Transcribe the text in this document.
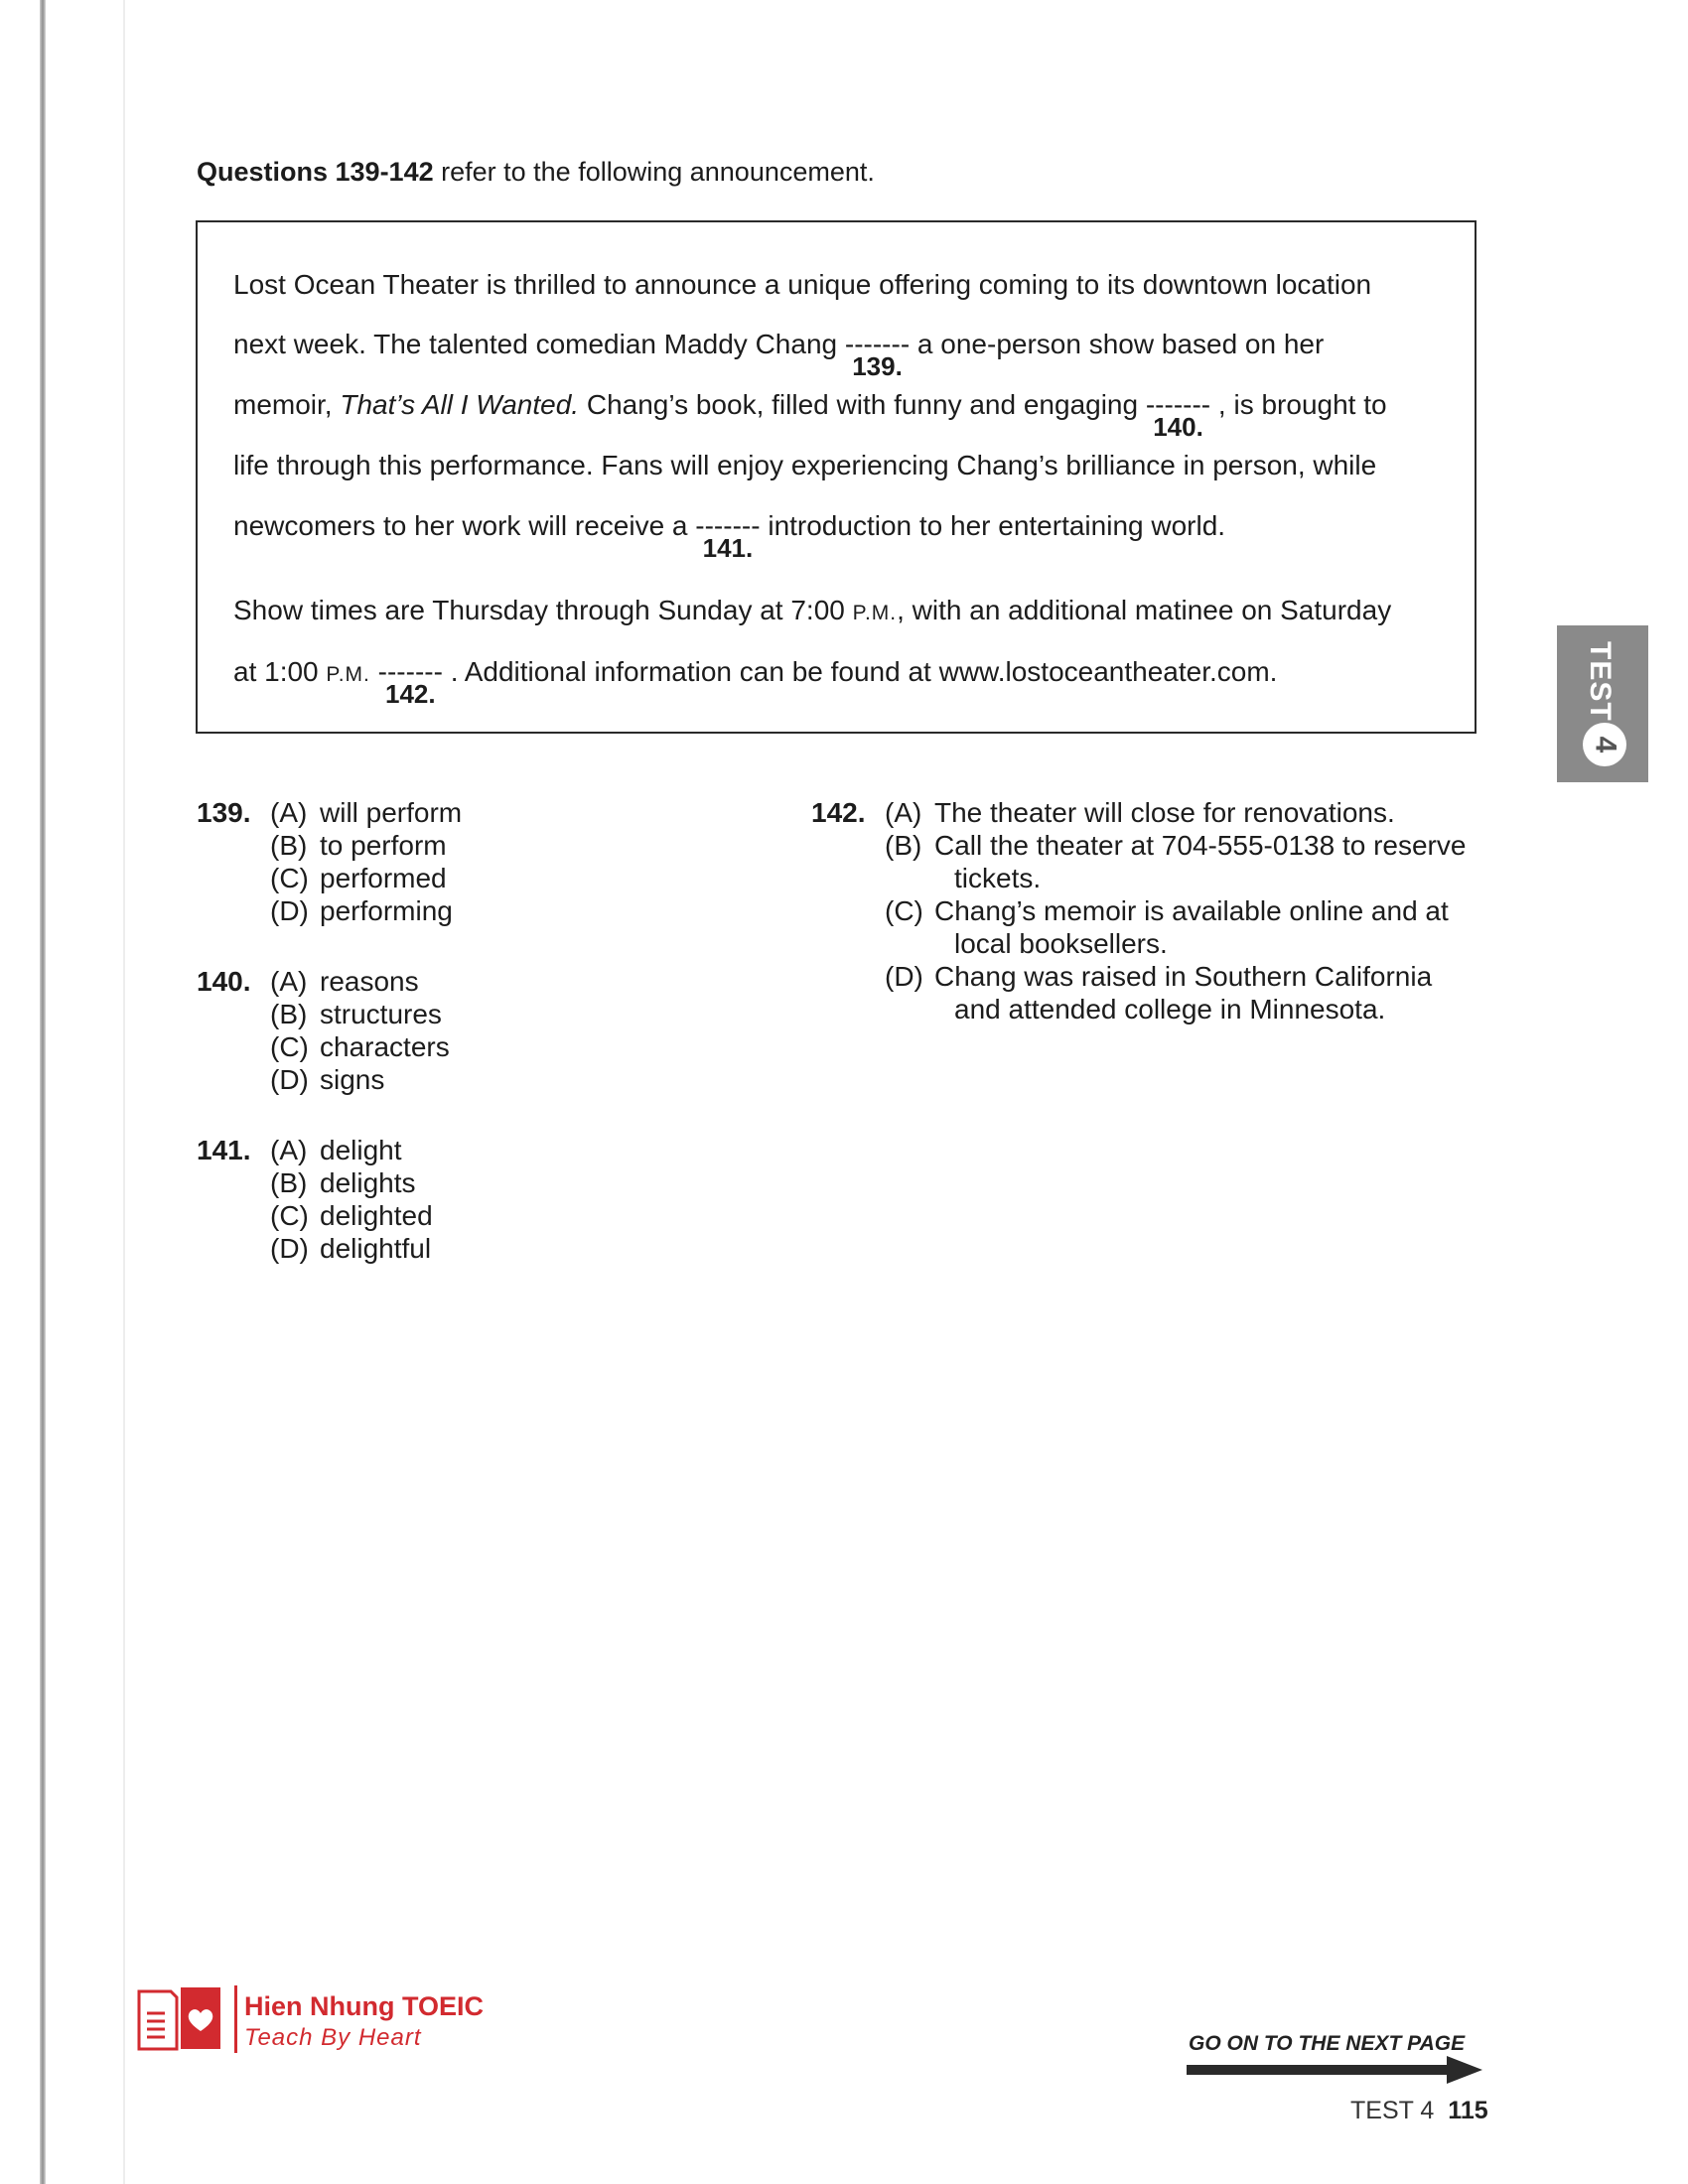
Questions 139-142 refer to the following announcement.
Lost Ocean Theater is thrilled to announce a unique offering coming to its downtown location
next week. The talented comedian Maddy Chang -------
139.
a one-person show based on her
memoir, That’s All I Wanted. Chang’s book, filled with funny and engaging -------
140.
, is brought to
life through this performance. Fans will enjoy experiencing Chang’s brilliance in person, while
newcomers to her work will receive a -------
141.
introduction to her entertaining world.
Show times are Thursday through Sunday at 7:00 P.M., with an additional matinee on Saturday
at 1:00 P.M. -------
142.
. Additional information can be found at www.lostoceantheater.com.
139. (A) will perform
(B) to perform
(C) performed
(D) performing
140. (A) reasons
(B) structures
(C) characters
(D) signs
141. (A) delight
(B) delights
(C) delighted
(D) delightful
142. (A) The theater will close for renovations.
(B) Call the theater at 704-555-0138 to reserve
tickets.
(C) Chang’s memoir is available online and at
local booksellers.
(D) Chang was raised in Southern California
and attended college in Minnesota.
TEST
4
Hien Nhung TOEIC
Teach By Heart	GO ON TO THE NEXT PAGE
TEST 4 115
